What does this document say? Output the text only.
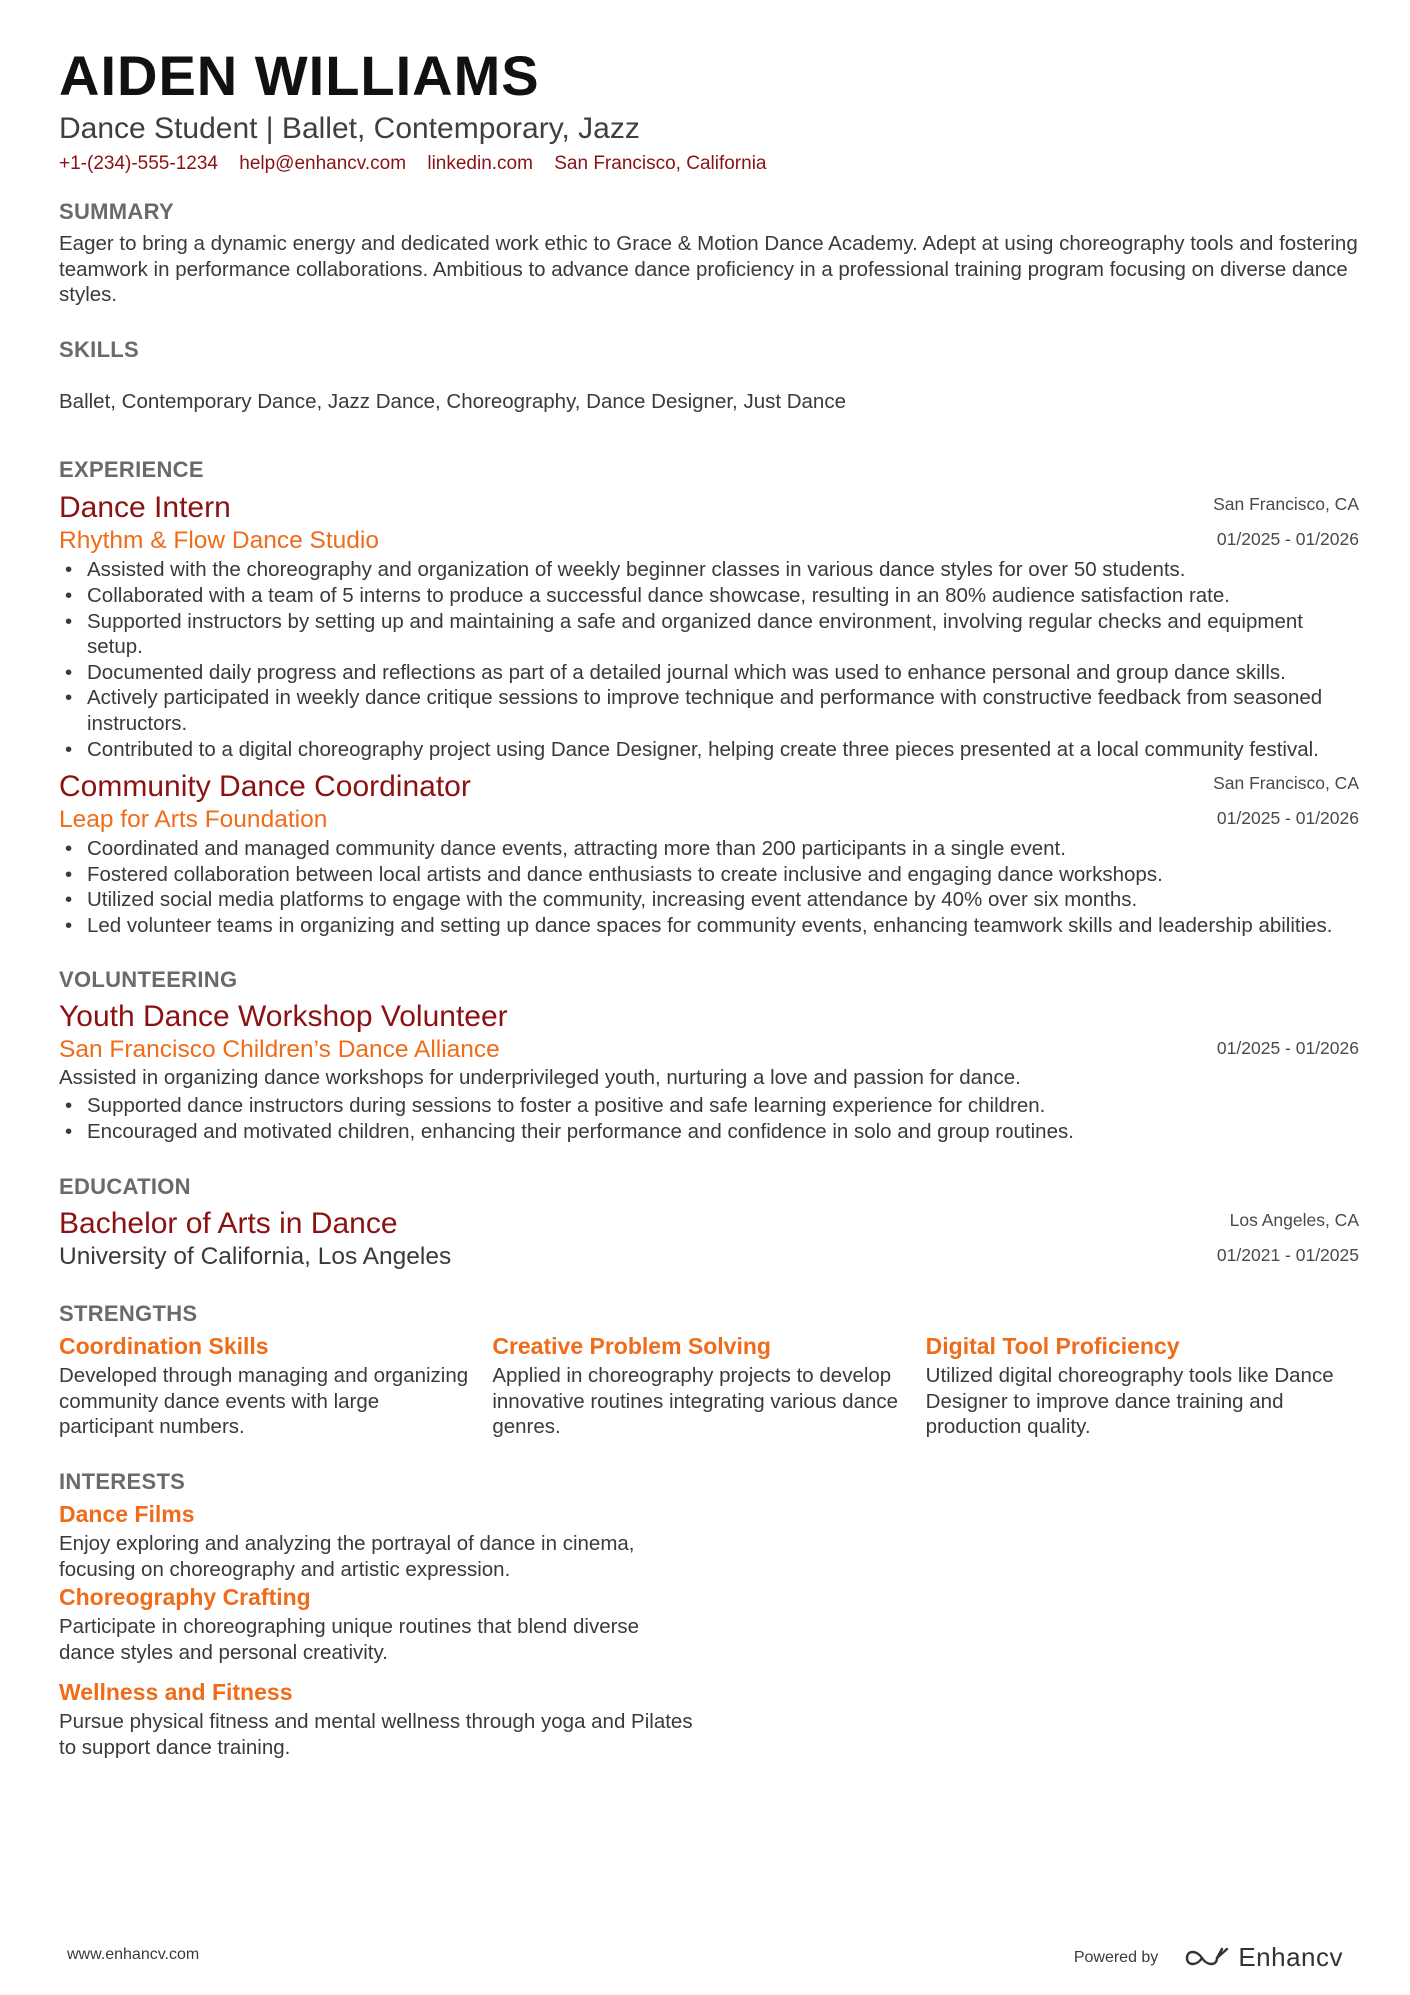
AIDEN WILLIAMS
Dance Student | Ballet, Contemporary, Jazz
+1-(234)-555-1234 help@enhancv.com linkedin.com San Francisco, California
SUMMARY
Eager to bring a dynamic energy and dedicated work ethic to Grace & Motion Dance Academy. Adept at using choreography tools and fostering teamwork in performance collaborations. Ambitious to advance dance proficiency in a professional training program focusing on diverse dance styles.
SKILLS
Ballet, Contemporary Dance, Jazz Dance, Choreography, Dance Designer, Just Dance
EXPERIENCE
San Francisco, CA
01/2025 - 01/2026
Dance Intern
Rhythm & Flow Dance Studio
• Assisted with the choreography and organization of weekly beginner classes in various dance styles for over 50 students.
• Collaborated with a team of 5 interns to produce a successful dance showcase, resulting in an 80% audience satisfaction rate.
• Supported instructors by setting up and maintaining a safe and organized dance environment, involving regular checks and equipment setup.
• Documented daily progress and reflections as part of a detailed journal which was used to enhance personal and group dance skills.
• Actively participated in weekly dance critique sessions to improve technique and performance with constructive feedback from seasoned instructors.
• Contributed to a digital choreography project using Dance Designer, helping create three pieces presented at a local community festival.
San Francisco, CA
01/2025 - 01/2026
Community Dance Coordinator
Leap for Arts Foundation
• Coordinated and managed community dance events, attracting more than 200 participants in a single event.
• Fostered collaboration between local artists and dance enthusiasts to create inclusive and engaging dance workshops.
• Utilized social media platforms to engage with the community, increasing event attendance by 40% over six months.
• Led volunteer teams in organizing and setting up dance spaces for community events, enhancing teamwork skills and leadership abilities.
VOLUNTEERING
01/2025 - 01/2026
Youth Dance Workshop Volunteer
San Francisco Children’s Dance Alliance
Assisted in organizing dance workshops for underprivileged youth, nurturing a love and passion for dance.
• Supported dance instructors during sessions to foster a positive and safe learning experience for children.
• Encouraged and motivated children, enhancing their performance and confidence in solo and group routines.
EDUCATION
Los Angeles, CA
01/2021 - 01/2025
Bachelor of Arts in Dance
University of California, Los Angeles
STRENGTHS
Coordination Skills
Developed through managing and organizing community dance events with large participant numbers.
Creative Problem Solving
Applied in choreography projects to develop innovative routines integrating various dance genres.
Digital Tool Proficiency
Utilized digital choreography tools like Dance Designer to improve dance training and production quality.
INTERESTS
Dance Films
Enjoy exploring and analyzing the portrayal of dance in cinema, focusing on choreography and artistic expression.
Choreography Crafting
Participate in choreographing unique routines that blend diverse dance styles and personal creativity.
Wellness and Fitness
Pursue physical fitness and mental wellness through yoga and Pilates to support dance training.
www.enhancv.com	Powered by	Enhancv
